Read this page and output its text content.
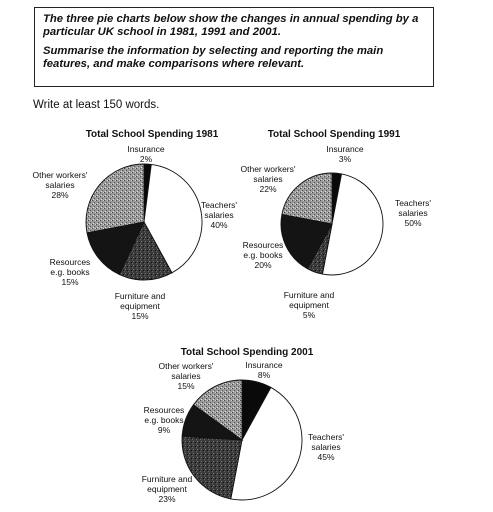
The three pie charts below show the changes in annual spending by a particular UK school in 1981, 1991 and 2001.

Summarise the information by selecting and reporting the main features, and make comparisons where relevant.

Write at least 150 words.
Total School Spending 1981
Insurance 2%
Teachers' salaries 40%
Furniture and equipment 15%
Resources e.g. books 15%
Other workers' salaries 28%
Total School Spending 1991
Insurance 3%
Teachers' salaries 50%
Furniture and equipment 5%
Resources e.g. books 20%
Other workers' salaries 22%
Total School Spending 2001
Insurance 8%
Teachers' salaries 45%
Furniture and equipment 23%
Resources e.g. books 9%
Other workers' salaries 15%
